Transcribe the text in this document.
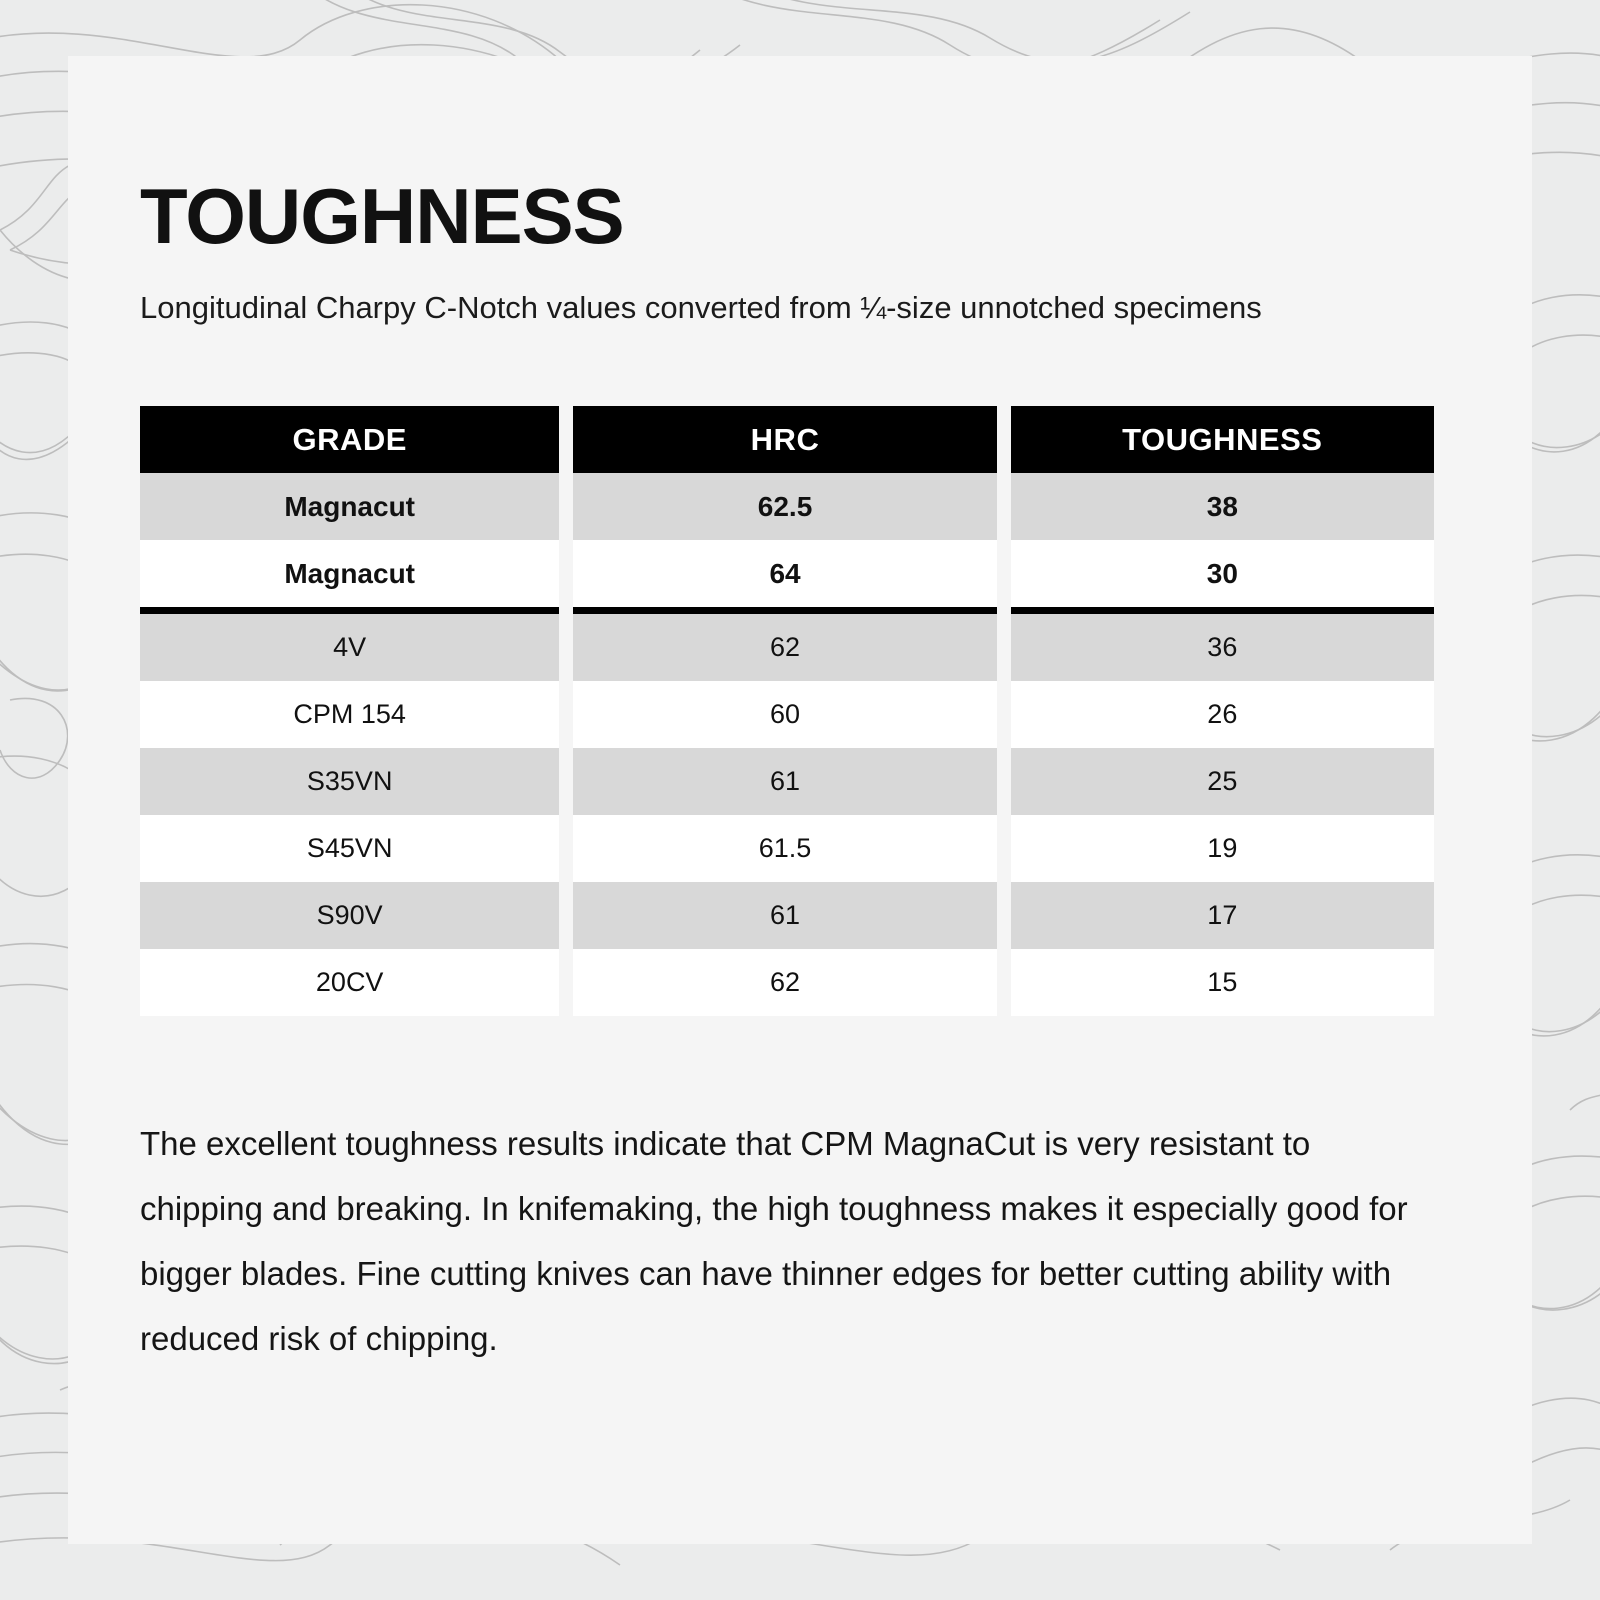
TOUGHNESS
Longitudinal Charpy C-Notch values converted from ¼-size unnotched specimens
GRADE	HRC	TOUGHNESS
Magnacut	62.5	38
Magnacut	64	30
4V	62	36
CPM 154	60	26
S35VN	61	25
S45VN	61.5	19
S90V	61	17
20CV	62	15
The excellent toughness results indicate that CPM MagnaCut is very resistant to chipping and breaking. In knifemaking, the high toughness makes it especially good for bigger blades. Fine cutting knives can have thinner edges for better cutting ability with reduced risk of chipping.
